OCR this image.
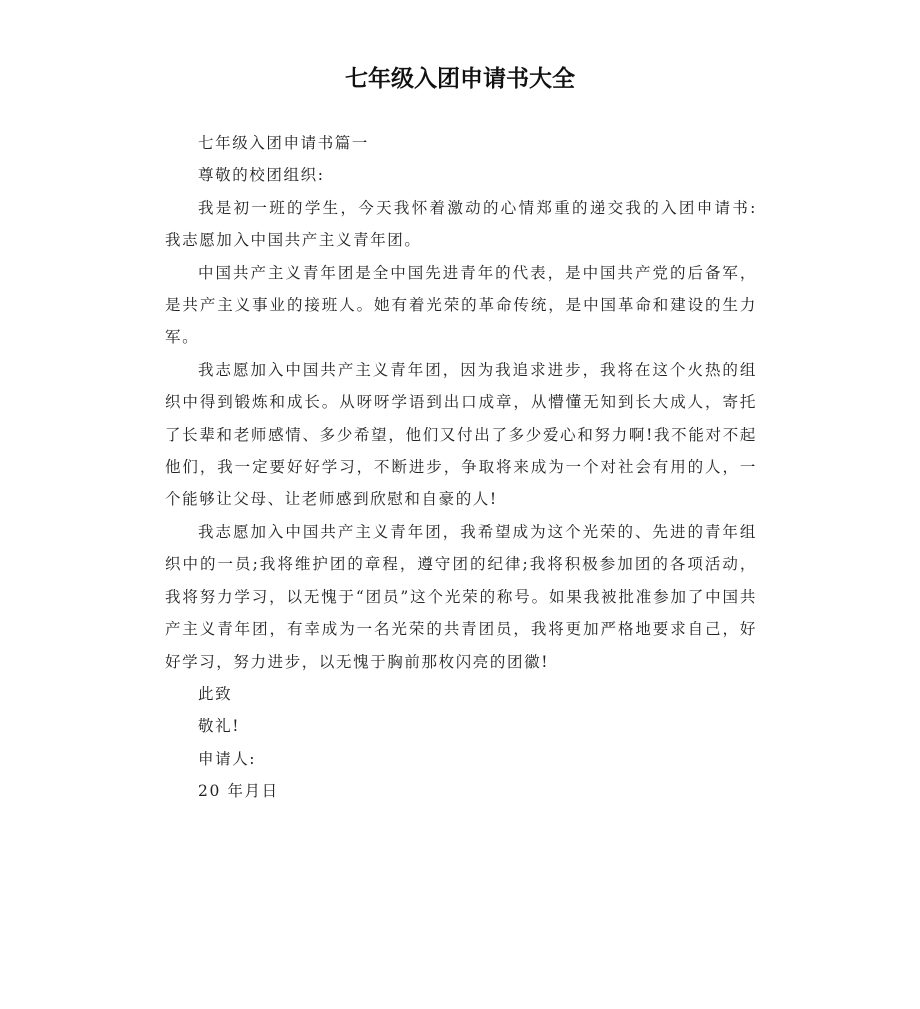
七年级入团申请书大全

七年级入团申请书篇一

尊敬的校团组织:

我是初一班的学生，今天我怀着激动的心情郑重的递交我的入团申请书: 我志愿加入中国共产主义青年团。

中国共产主义青年团是全中国先进青年的代表，是中国共产党的后备军，是共产主义事业的接班人。她有着光荣的革命传统，是中国革命和建设的生力军。

我志愿加入中国共产主义青年团，因为我追求进步，我将在这个火热的组织中得到锻炼和成长。从呀呀学语到出口成章，从懵懂无知到长大成人，寄托了长辈和老师感情、多少希望，他们又付出了多少爱心和努力啊!我不能对不起他们，我一定要好好学习，不断进步，争取将来成为一个对社会有用的人，一个能够让父母、让老师感到欣慰和自豪的人!

我志愿加入中国共产主义青年团，我希望成为这个光荣的、先进的青年组织中的一员;我将维护团的章程，遵守团的纪律;我将积极参加团的各项活动，我将努力学习，以无愧于“团员”这个光荣的称号。如果我被批准参加了中国共产主义青年团，有幸成为一名光荣的共青团员，我将更加严格地要求自己，好好学习，努力进步，以无愧于胸前那枚闪亮的团徽!

此致

敬礼!

申请人:

20 年月日
